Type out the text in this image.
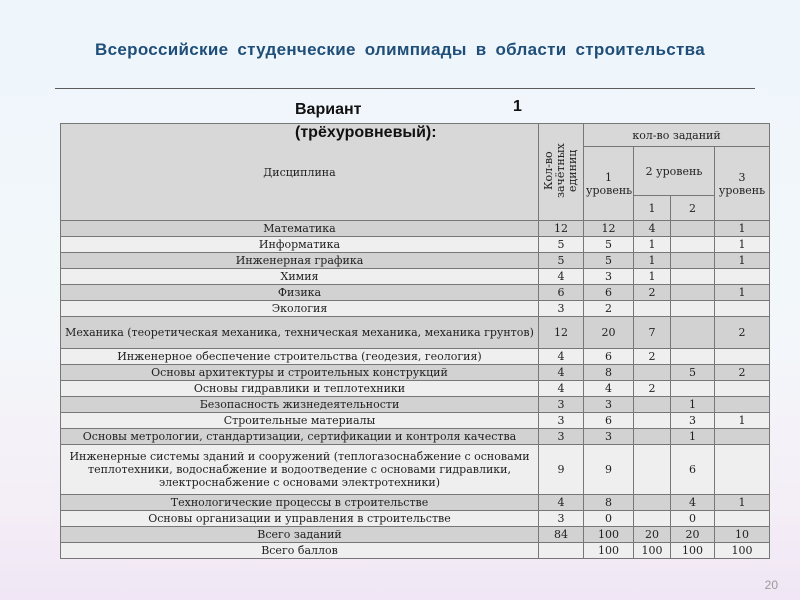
Всероссийские студенческие олимпиады в области строительства
Вариант
(трёхуровневый):
1
Дисциплина	Кол-во зачётных единиц	кол-во заданий			
		1 уровень	2 уровень		3 уровень
			1	2	
Математика	12	12	4		1
Информатика	5	5	1		1
Инженерная графика	5	5	1		1
Химия	4	3	1		
Физика	6	6	2		1
Экология	3	2			
Механика (теоретическая механика, техническая механика, механика грунтов)	12	20	7		2
Инженерное обеспечение строительства (геодезия, геология)	4	6	2		
Основы архитектуры и строительных конструкций	4	8		5	2
Основы гидравлики и теплотехники	4	4	2		
Безопасность жизнедеятельности	3	3		1	
Строительные материалы	3	6		3	1
Основы метрологии, стандартизации, сертификации и контроля качества	3	3		1	
Инженерные системы зданий и сооружений (теплогазоснабжение с основами теплотехники, водоснабжение и водоотведение с основами гидравлики, электроснабжение с основами электротехники)	9	9		6	
Технологические процессы в строительстве	4	8		4	1
Основы организации и управления в строительстве	3	0		0	
Всего заданий	84	100	20	20	10
Всего баллов		100	100	100	100
20
